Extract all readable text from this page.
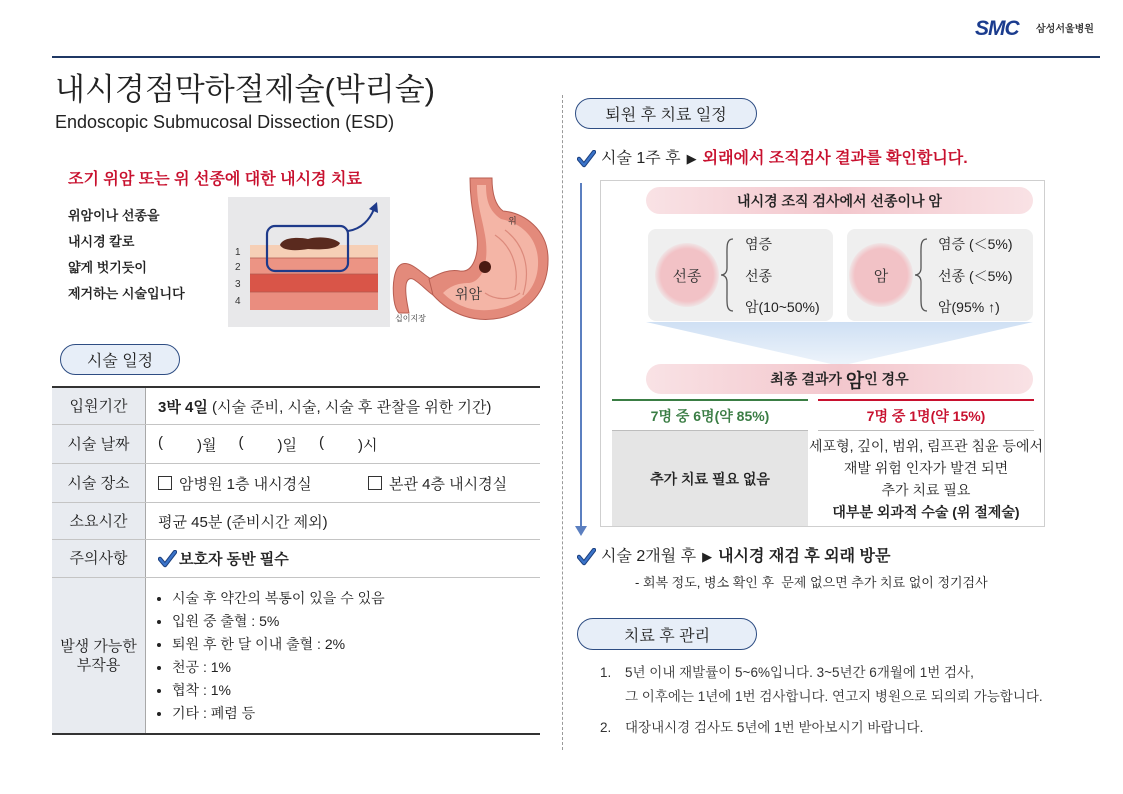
SMC 삼성서울병원
내시경점막하절제술(박리술)
Endoscopic Submucosal Dissection (ESD)
조기 위암 또는 위 선종에 대한 내시경 치료
위암이나 선종을
내시경 칼로
얇게 벗기듯이
제거하는 시술입니다
1
2
3
4
위
위암
십이지장
시술 일정
입원기간	3박 4일 (시술 준비, 시술, 시술 후 관찰을 위한 기간)
시술 날짜	( )월 ( )일 ( )시
시술 장소	암병원 1층 내시경실	본관 4층 내시경실
소요시간	평균 45분 (준비시간 제외)
주의사항	보호자 동반 필수
발생 가능한
부작용
• 시술 후 약간의 복통이 있을 수 있음
• 입원 중 출혈 : 5%
• 퇴원 후 한 달 이내 출혈 : 2%
• 천공 : 1%
• 협착 : 1%
• 기타 : 폐렴 등
퇴원 후 치료 일정
시술 1주 후 ▶ 외래에서 조직검사 결과를 확인합니다.
내시경 조직 검사에서 선종이나 암
선종
염증
선종
암(10~50%)
암
염증 (＜5%)
선종 (＜5%)
암(95% ↑)
최종 결과가 암 인 경우
7명 중 6명(약 85%)
추가 치료 필요 없음
7명 중 1명(약 15%)
세포형, 깊이, 범위, 림프관 침윤 등에서
재발 위험 인자가 발견 되면
추가 치료 필요
대부분 외과적 수술 (위 절제술)
시술 2개월 후 ▶ 내시경 재검 후 외래 방문
- 회복 정도, 병소 확인 후  문제 없으면 추가 치료 없이 정기검사
치료 후 관리
1. 5년 이내 재발률이 5~6%입니다. 3~5년간 6개월에 1번 검사,
그 이후에는 1년에 1번 검사합니다. 연고지 병원으로 되의뢰 가능합니다.
2. 대장내시경 검사도 5년에 1번 받아보시기 바랍니다.
